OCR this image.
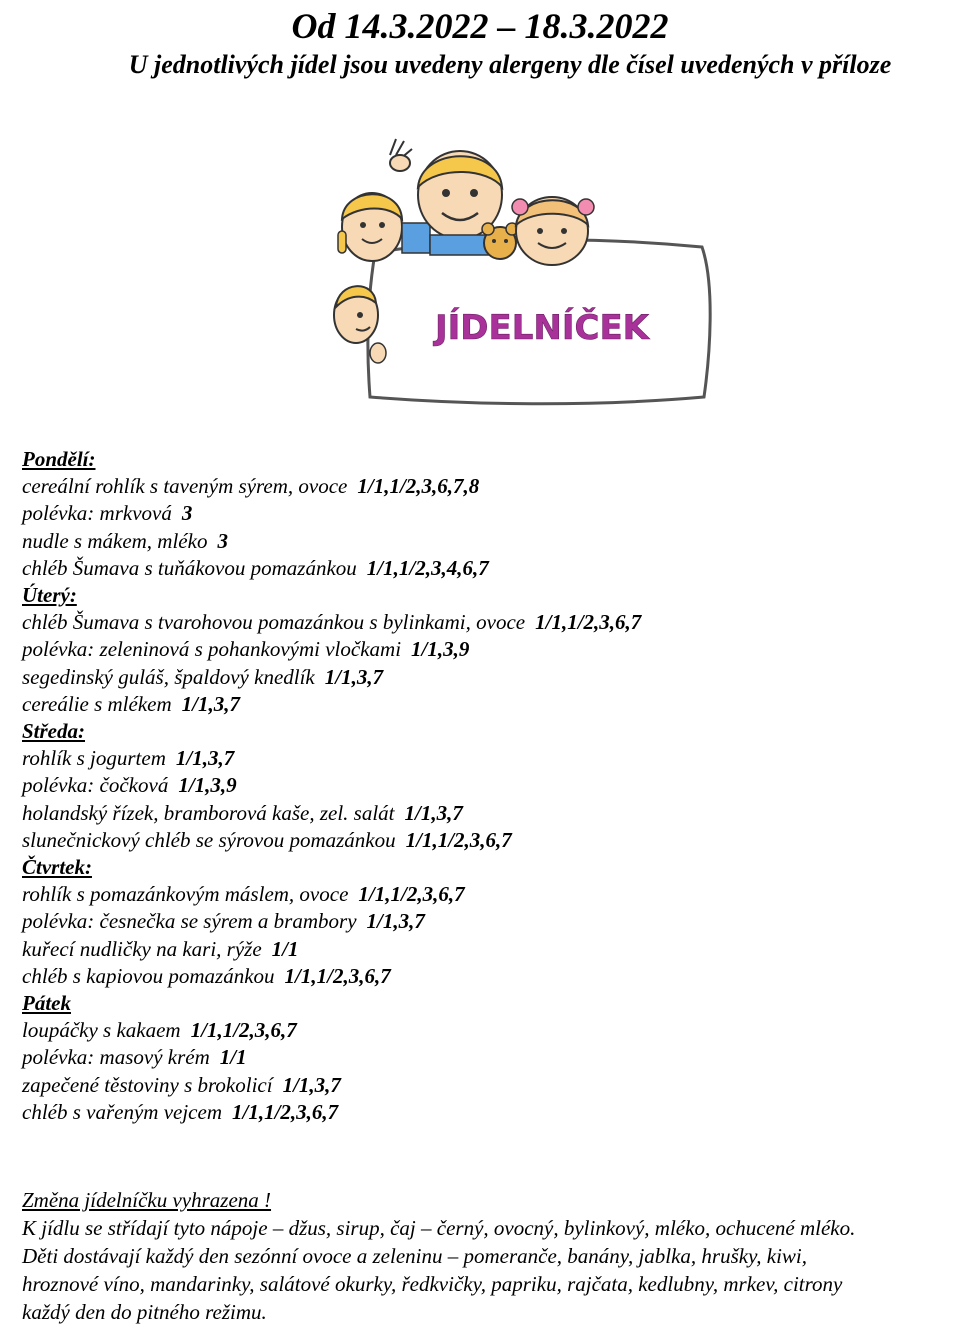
Od 14.3.2022 – 18.3.2022
U jednotlivých jídel jsou uvedeny alergeny dle čísel uvedených v příloze
JÍDELNÍČEK
Pondělí:
cereální rohlík s taveným sýrem, ovoce 1/1,1/2,3,6,7,8
polévka: mrkvová 3
nudle s mákem, mléko 3
chléb Šumava s tuňákovou pomazánkou 1/1,1/2,3,4,6,7
Úterý:
chléb Šumava s tvarohovou pomazánkou s bylinkami, ovoce 1/1,1/2,3,6,7
polévka: zeleninová s pohankovými vločkami 1/1,3,9
segedinský guláš, špaldový knedlík 1/1,3,7
cereálie s mlékem 1/1,3,7
Středa:
rohlík s jogurtem 1/1,3,7
polévka: čočková 1/1,3,9
holandský řízek, bramborová kaše, zel. salát 1/1,3,7
slunečnickový chléb se sýrovou pomazánkou 1/1,1/2,3,6,7
Čtvrtek:
rohlík s pomazánkovým máslem, ovoce 1/1,1/2,3,6,7
polévka: česnečka se sýrem a brambory 1/1,3,7
kuřecí nudličky na kari, rýže 1/1
chléb s kapiovou pomazánkou 1/1,1/2,3,6,7
Pátek
loupáčky s kakaem 1/1,1/2,3,6,7
polévka: masový krém 1/1
zapečené těstoviny s brokolicí 1/1,3,7
chléb s vařeným vejcem 1/1,1/2,3,6,7
Změna jídelníčku vyhrazena !
K jídlu se střídají tyto nápoje – džus, sirup, čaj – černý, ovocný, bylinkový, mléko, ochucené mléko.
Děti dostávají každý den sezónní ovoce a zeleninu – pomeranče, banány, jablka, hrušky, kiwi,
hroznové víno, mandarinky, salátové okurky, ředkvičky, papriku, rajčata, kedlubny, mrkev, citrony
každý den do pitného režimu.
